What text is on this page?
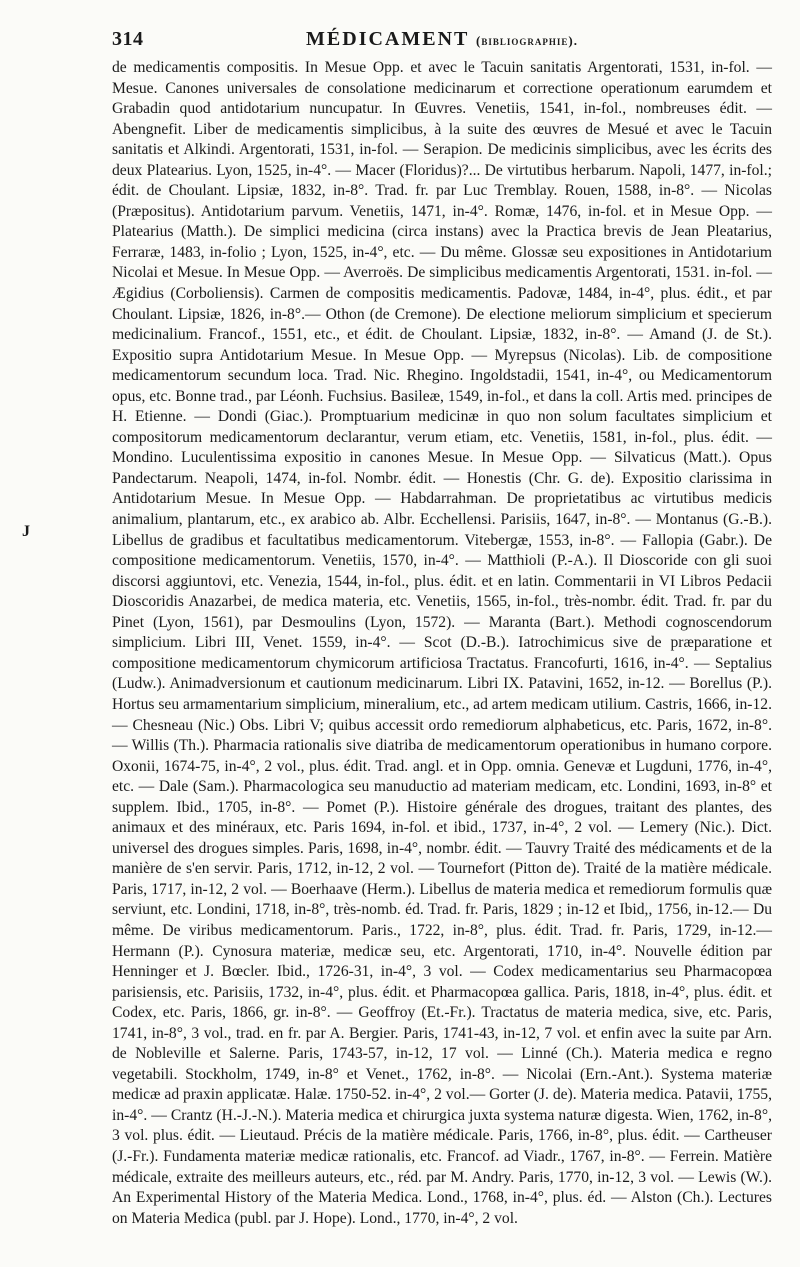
314	MÉDICAMENT (bibliographie).
J

de medicamentis compositis. In Mesue Opp. et avec le Tacuin sanitatis Argentorati, 1531, in-fol. — Mesue. Canones universales de consolatione medicinarum et correctione operationum earumdem et Grabadin quod antidotarium nuncupatur. In Œuvres. Venetiis, 1541, in-fol., nombreuses édit. — Abengnefit. Liber de medicamentis simplicibus, à la suite des œuvres de Mesué et avec le Tacuin sanitatis et Alkindi. Argentorati, 1531, in-fol. — Serapion. De medicinis simplicibus, avec les écrits des deux Platearius. Lyon, 1525, in-4°. — Macer (Floridus)?... De virtutibus herbarum. Napoli, 1477, in-fol.; édit. de Choulant. Lipsiæ, 1832, in-8°. Trad. fr. par Luc Tremblay. Rouen, 1588, in-8°. — Nicolas (Præpositus). Antidotarium parvum. Venetiis, 1471, in-4°. Romæ, 1476, in-fol. et in Mesue Opp. — Platearius (Matth.). De simplici medicina (circa instans) avec la Practica brevis de Jean Pleatarius, Ferraræ, 1483, in-folio ; Lyon, 1525, in-4°, etc. — Du même. Glossæ seu expositiones in Antidotarium Nicolai et Mesue. In Mesue Opp. — Averroës. De simplicibus medicamentis Argentorati, 1531. in-fol. — Ægidius (Corboliensis). Carmen de compositis medicamentis. Padovæ, 1484, in-4°, plus. édit., et par Choulant. Lipsiæ, 1826, in-8°.— Othon (de Cremone). De electione meliorum simplicium et specierum medicinalium. Francof., 1551, etc., et édit. de Choulant. Lipsiæ, 1832, in-8°. — Amand (J. de St.). Expositio supra Antidotarium Mesue. In Mesue Opp. — Myrepsus (Nicolas). Lib. de compositione medicamentorum secundum loca. Trad. Nic. Rhegino. Ingoldstadii, 1541, in-4°, ou Medicamentorum opus, etc. Bonne trad., par Léonh. Fuchsius. Basileæ, 1549, in-fol., et dans la coll. Artis med. principes de H. Etienne. — Dondi (Giac.). Promptuarium medicinæ in quo non solum facultates simplicium et compositorum medicamentorum declarantur, verum etiam, etc. Venetiis, 1581, in-fol., plus. édit. — Mondino. Luculentissima expositio in canones Mesue. In Mesue Opp. — Silvaticus (Matt.). Opus Pandectarum. Neapoli, 1474, in-fol. Nombr. édit. — Honestis (Chr. G. de). Expositio clarissima in Antidotarium Mesue. In Mesue Opp. — Habdarrahman. De proprietatibus ac virtutibus medicis animalium, plantarum, etc., ex arabico ab. Albr. Ecchellensi. Parisiis, 1647, in-8°. — Montanus (G.-B.). Libellus de gradibus et facultatibus medicamentorum. Vitebergæ, 1553, in-8°. — Fallopia (Gabr.). De compositione medicamentorum. Venetiis, 1570, in-4°. — Matthioli (P.-A.). Il Dioscoride con gli suoi discorsi aggiuntovi, etc. Venezia, 1544, in-fol., plus. édit. et en latin. Commentarii in VI Libros Pedacii Dioscoridis Anazarbei, de medica materia, etc. Venetiis, 1565, in-fol., très-nombr. édit. Trad. fr. par du Pinet (Lyon, 1561), par Desmoulins (Lyon, 1572). — Maranta (Bart.). Methodi cognoscendorum simplicium. Libri III, Venet. 1559, in-4°. — Scot (D.-B.). Iatrochimicus sive de præparatione et compositione medicamentorum chymicorum artificiosa Tractatus. Francofurti, 1616, in-4°. — Septalius (Ludw.). Animadversionum et cautionum medicinarum. Libri IX. Patavini, 1652, in-12. — Borellus (P.). Hortus seu armamentarium simplicium, mineralium, etc., ad artem medicam utilium. Castris, 1666, in-12.— Chesneau (Nic.) Obs. Libri V; quibus accessit ordo remediorum alphabeticus, etc. Paris, 1672, in-8°. — Willis (Th.). Pharmacia rationalis sive diatriba de medicamentorum operationibus in humano corpore. Oxonii, 1674-75, in-4°, 2 vol., plus. édit. Trad. angl. et in Opp. omnia. Genevæ et Lugduni, 1776, in-4°, etc. — Dale (Sam.). Pharmacologica seu manuductio ad materiam medicam, etc. Londini, 1693, in-8° et supplem. Ibid., 1705, in-8°. — Pomet (P.). Histoire générale des drogues, traitant des plantes, des animaux et des minéraux, etc. Paris 1694, in-fol. et ibid., 1737, in-4°, 2 vol. — Lemery (Nic.). Dict. universel des drogues simples. Paris, 1698, in-4°, nombr. édit. — Tauvry Traité des médicaments et de la manière de s'en servir. Paris, 1712, in-12, 2 vol. — Tournefort (Pitton de). Traité de la matière médicale. Paris, 1717, in-12, 2 vol. — Boerhaave (Herm.). Libellus de materia medica et remediorum formulis quæ serviunt, etc. Londini, 1718, in-8°, très-nomb. éd. Trad. fr. Paris, 1829 ; in-12 et Ibid,, 1756, in-12.— Du même. De viribus medicamentorum. Paris., 1722, in-8°, plus. édit. Trad. fr. Paris, 1729, in-12.— Hermann (P.). Cynosura materiæ, medicæ seu, etc. Argentorati, 1710, in-4°. Nouvelle édition par Henninger et J. Bœcler. Ibid., 1726-31, in-4°, 3 vol. — Codex medicamentarius seu Pharmacopœa parisiensis, etc. Parisiis, 1732, in-4°, plus. édit. et Pharmacopœa gallica. Paris, 1818, in-4°, plus. édit. et Codex, etc. Paris, 1866, gr. in-8°. — Geoffroy (Et.-Fr.). Tractatus de materia medica, sive, etc. Paris, 1741, in-8°, 3 vol., trad. en fr. par A. Bergier. Paris, 1741-43, in-12, 7 vol. et enfin avec la suite par Arn. de Nobleville et Salerne. Paris, 1743-57, in-12, 17 vol. — Linné (Ch.). Materia medica e regno vegetabili. Stockholm, 1749, in-8° et Venet., 1762, in-8°. — Nicolai (Ern.-Ant.). Systema materiæ medicæ ad praxin applicatæ. Halæ. 1750-52. in-4°, 2 vol.— Gorter (J. de). Materia medica. Patavii, 1755, in-4°. — Crantz (H.-J.-N.). Materia medica et chirurgica juxta systema naturæ digesta. Wien, 1762, in-8°, 3 vol. plus. édit. — Lieutaud. Précis de la matière médicale. Paris, 1766, in-8°, plus. édit. — Cartheuser (J.-Fr.). Fundamenta materiæ medicæ rationalis, etc. Francof. ad Viadr., 1767, in-8°. — Ferrein. Matière médicale, extraite des meilleurs auteurs, etc., réd. par M. Andry. Paris, 1770, in-12, 3 vol. — Lewis (W.). An Experimental History of the Materia Medica. Lond., 1768, in-4°, plus. éd. — Alston (Ch.). Lectures on Materia Medica (publ. par J. Hope). Lond., 1770, in-4°, 2 vol.
